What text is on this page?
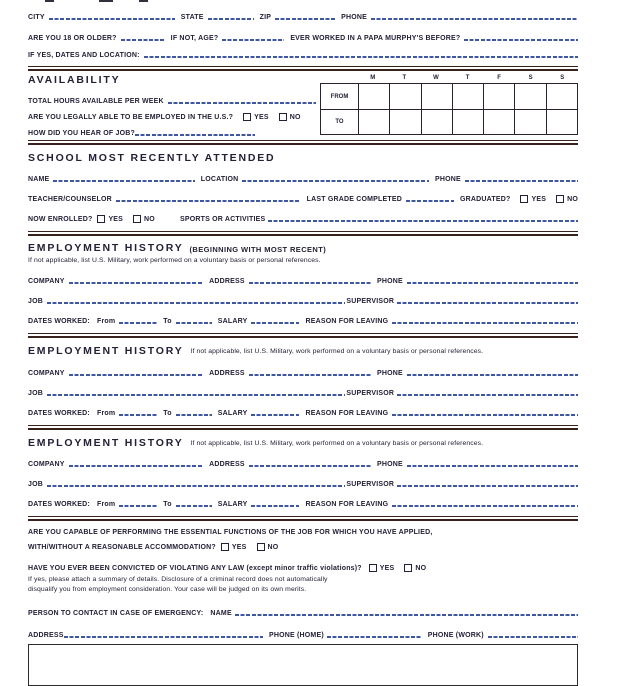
CITY	STATE	ZIP	PHONE
ARE YOU 18 OR OLDER?	IF NOT, AGE?	EVER WORKED IN A PAPA MURPHY'S BEFORE?
IF YES, DATES AND LOCATION:
AVAILABILITY
TOTAL HOURS AVAILABLE PER WEEK
ARE YOU LEGALLY ABLE TO BE EMPLOYED IN THE U.S.?	YES	NO
HOW DID YOU HEAR OF JOB?
M	T	W	T	F	S	S
FROM
TO
SCHOOL MOST RECENTLY ATTENDED
NAME	LOCATION	PHONE
TEACHER/COUNSELOR	LAST GRADE COMPLETED	GRADUATED?	YES	NO
NOW ENROLLED?	YES	NO	SPORTS OR ACTIVITIES
EMPLOYMENT HISTORY (BEGINNING WITH MOST RECENT)
If not applicable, list U.S. Military, work performed on a voluntary basis or personal references.
COMPANY	ADDRESS	PHONE
JOB	SUPERVISOR
DATES WORKED:	From	To	SALARY	REASON FOR LEAVING
EMPLOYMENT HISTORY If not applicable, list U.S. Military, work performed on a voluntary basis or personal references.
COMPANY	ADDRESS	PHONE
JOB	SUPERVISOR
DATES WORKED:	From	To	SALARY	REASON FOR LEAVING
EMPLOYMENT HISTORY If not applicable, list U.S. Military, work performed on a voluntary basis or personal references.
COMPANY	ADDRESS	PHONE
JOB	SUPERVISOR
DATES WORKED:	From	To	SALARY	REASON FOR LEAVING
ARE YOU CAPABLE OF PERFORMING THE ESSENTIAL FUNCTIONS OF THE JOB FOR WHICH YOU HAVE APPLIED,
WITH/WITHOUT A REASONABLE ACCOMMODATION?	YES	NO
HAVE YOU EVER BEEN CONVICTED OF VIOLATING ANY LAW (except minor traffic violations)?	YES	NO
If yes, please attach a summary of details. Disclosure of a criminal record does not automatically
disqualify you from employment consideration. Your case will be judged on its own merits.
PERSON TO CONTACT IN CASE OF EMERGENCY:	NAME
ADDRESS	PHONE (HOME)	PHONE (WORK)
